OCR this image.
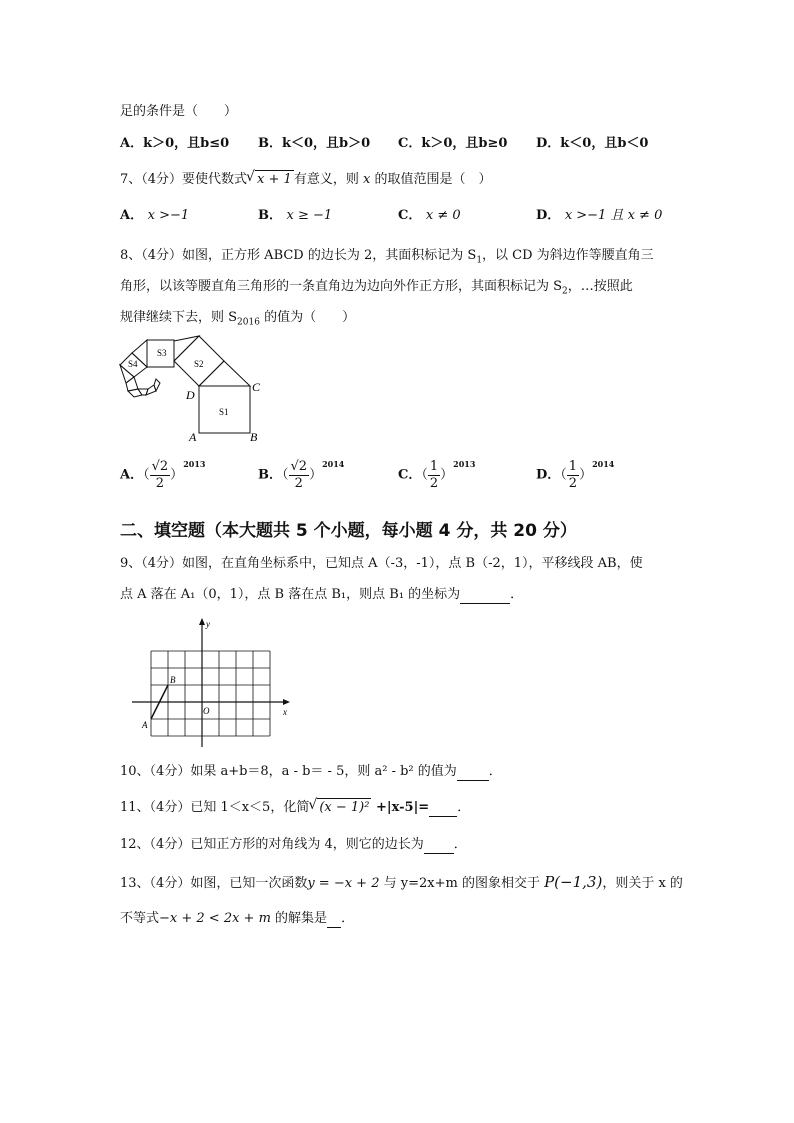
足的条件是（　　）
A．k＞0，且b≤0 B．k＜0，且b＞0 C．k＞0，且b≥0 D．k＜0，且b＜0
7、（4分）要使代数式 √ x + 1 有意义，则 x 的取值范围是（　）
A． x >−1	B． x ≥ −1	C． x ≠ 0	D． x >−1 且 x ≠ 0
8、（4分）如图，正方形 ABCD 的边长为 2，其面积标记为 $S_1$，以 CD 为斜边作等腰直角三
角形，以该等腰直角三角形的一条直角边为边向外作正方形，其面积标记为 $S_2$，…按照此
规律继续下去，则 $S_{2016}$ 的值为（　　）
S3
S2
S4
S1
C
D
A	B
A．（ $\frac{√2}{2} )^{2013}$
B．（ $\frac{√2}{2} )^{2014}$
C．（ $\frac{1}{2} )^{2013}$
D．（ $\frac{1}{2} )^{2014}$
二、填空题（本大题共 5 个小题，每小题 4 分，共 20 分）
9、（4分）如图，在直角坐标系中，已知点 A（-3，-1），点 B（-2，1），平移线段 AB，使
点 A 落在 A₁（0，1），点 B 落在点 B₁，则点 B₁ 的坐标为	．
y
B
O	x
A
10、（4分）如果 a+b＝8，a - b＝ - 5，则 a² - b² 的值为 ．
11、（4分）已知 1＜x＜5，化简 √ (x − 1)² +|x-5|= ．
12、（4分）已知正方形的对角线为 4，则它的边长为 ．
13、（4分）如图，已知一次函数y = −x + 2 与 y=2x+m 的图象相交于 P(−1,3)，则关于 x 的
不等式−x + 2 < 2x + m 的解集是 ．
